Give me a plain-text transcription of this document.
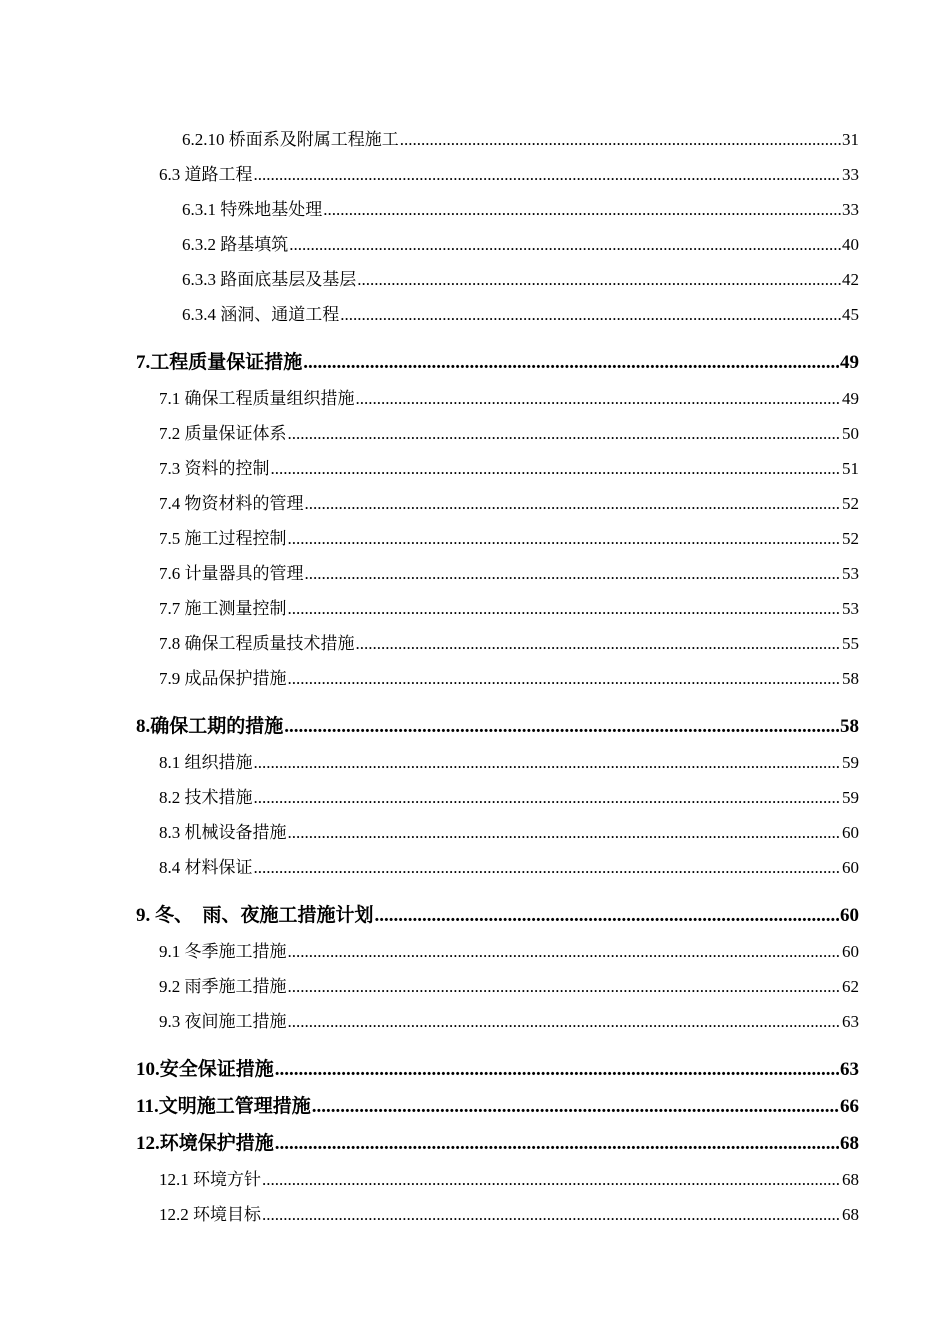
6.2.10 桥面系及附属工程施工 .....	31
6.3 道路工程 .....	33
6.3.1 特殊地基处理 .....	33
6.3.2 路基填筑 .....	40
6.3.3 路面底基层及基层 .....	42
6.3.4 涵洞、通道工程 .....	45
7.工程质量保证措施 .....	49
7.1 确保工程质量组织措施 .....	49
7.2 质量保证体系 .....	50
7.3 资料的控制 .....	51
7.4 物资材料的管理 .....	52
7.5 施工过程控制 .....	52
7.6 计量器具的管理 .....	53
7.7 施工测量控制 .....	53
7.8 确保工程质量技术措施 .....	55
7.9 成品保护措施 .....	58
8.确保工期的措施 .....	58
8.1 组织措施 .....	59
8.2 技术措施 .....	59
8.3 机械设备措施 .....	60
8.4 材料保证 .....	60
9. 冬、　雨、夜施工措施计划 .....	60
9.1 冬季施工措施 .....	60
9.2 雨季施工措施 .....	62
9.3 夜间施工措施 .....	63
10.安全保证措施 .....	63
11.文明施工管理措施 .....	66
12.环境保护措施 .....	68
12.1 环境方针 .....	68
12.2 环境目标 .....	68
